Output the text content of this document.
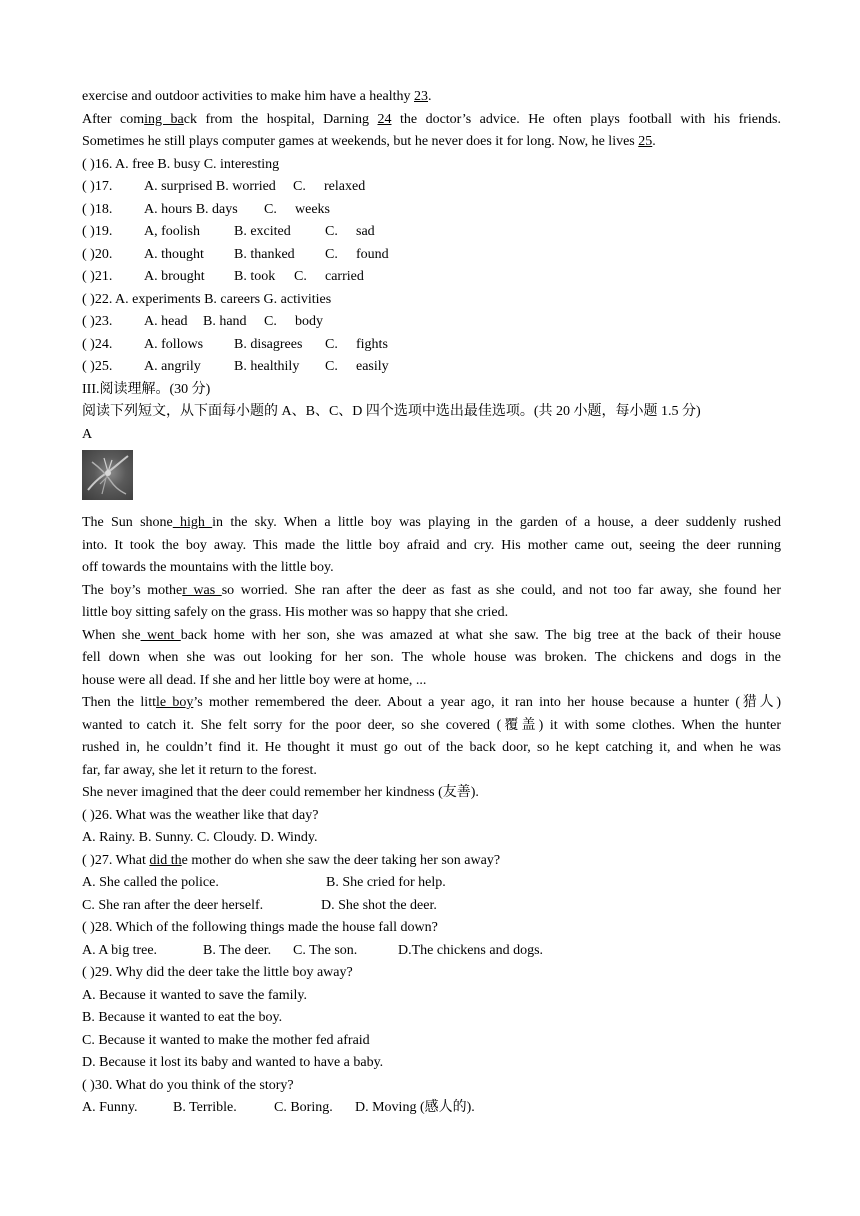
exercise and outdoor activities to make him have a healthy 23.
After coming back from the hospital, Darning 24 the doctor’s advice. He often plays football with his friends.
Sometimes he still plays computer games at weekends, but he never does it for long. Now, he lives 25.
( )16. A. free B. busy C. interesting
( )17. A. surprised B. worried C. relaxed
( )18. A. hours B. days C. weeks
( )19. A, foolish B. excited C. sad
( )20. A. thought B. thanked C. found
( )21. A. brought B. took C. carried
( )22. A. experiments B. careers G. activities
( )23. A. head B. hand C. body
( )24. A. follows B. disagrees C. fights
( )25. A. angrily B. healthily C. easily
III.阅读理解。(30 分)
阅读下列短文，从下面每小题的 A、B、C、D 四个选项中选出最佳选项。(共 20 小题，每小题 1.5 分)
A
The Sun shone high in the sky. When a little boy was playing in the garden of a house, a deer suddenly rushed
into. It took the boy away. This made the little boy afraid and cry. His mother came out, seeing the deer running
off towards the mountains with the little boy.
The boy’s mother was so worried. She ran after the deer as fast as she could, and not too far away, she found her
little boy sitting safely on the grass. His mother was so happy that she cried.
When she went back home with her son, she was amazed at what she saw. The big tree at the back of their house
fell down when she was out looking for her son. The whole house was broken. The chickens and dogs in the
house were all dead. If she and her little boy were at home, ...
Then the little boy’s mother remembered the deer. About a year ago, it ran into her house because a hunter (猎人)
wanted to catch it. She felt sorry for the poor deer, so she covered (覆盖) it with some clothes. When the hunter
rushed in, he couldn’t find it. He thought it must go out of the back door, so he kept catching it, and when he was
far, far away, she let it return to the forest.
She never imagined that the deer could remember her kindness (友善).
( )26. What was the weather like that day?
A. Rainy. B. Sunny. C. Cloudy. D. Windy.
( )27. What did the mother do when she saw the deer taking her son away?
A. She called the police.	B. She cried for help.
C. She ran after the deer herself.	D. She shot the deer.
( )28. Which of the following things made the house fall down?
A. A big tree.	B. The deer. C. The son.	D.The chickens and dogs.
( )29. Why did the deer take the little boy away?
A. Because it wanted to save the family.
B. Because it wanted to eat the boy.
C. Because it wanted to make the mother fed afraid
D. Because it lost its baby and wanted to have a baby.
( )30. What do you think of the story?
A. Funny.	B. Terrible.	C. Boring. D. Moving (感人的).
